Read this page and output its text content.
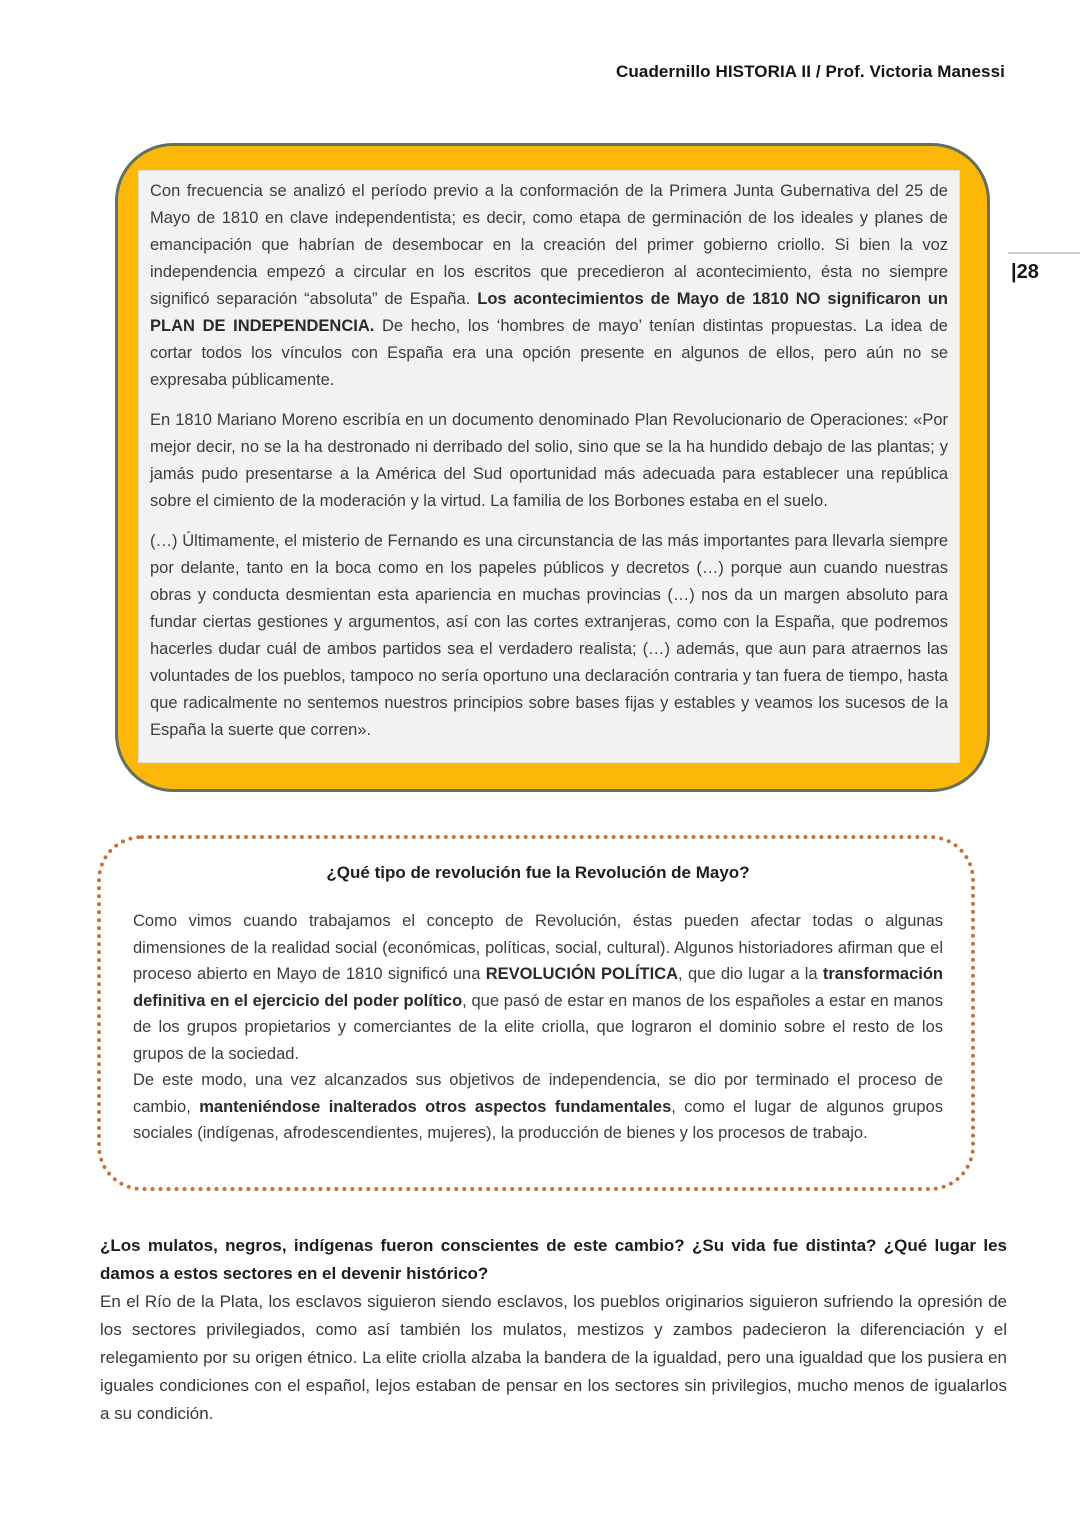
Cuadernillo HISTORIA II / Prof. Victoria Manessi
|28

Con frecuencia se analizó el período previo a la conformación de la Primera Junta Gubernativa del 25 de Mayo de 1810 en clave independentista; es decir, como etapa de germinación de los ideales y planes de emancipación que habrían de desembocar en la creación del primer gobierno criollo. Si bien la voz independencia empezó a circular en los escritos que precedieron al acontecimiento, ésta no siempre significó separación “absoluta” de España. Los acontecimientos de Mayo de 1810 NO significaron un PLAN DE INDEPENDENCIA. De hecho, los ‘hombres de mayo’ tenían distintas propuestas. La idea de cortar todos los vínculos con España era una opción presente en algunos de ellos, pero aún no se expresaba públicamente.

En 1810 Mariano Moreno escribía en un documento denominado Plan Revolucionario de Operaciones: «Por mejor decir, no se la ha destronado ni derribado del solio, sino que se la ha hundido debajo de las plantas; y jamás pudo presentarse a la América del Sud oportunidad más adecuada para establecer una república sobre el cimiento de la moderación y la virtud. La familia de los Borbones estaba en el suelo.

(…) Últimamente, el misterio de Fernando es una circunstancia de las más importantes para llevarla siempre por delante, tanto en la boca como en los papeles públicos y decretos (…) porque aun cuando nuestras obras y conducta desmientan esta apariencia en muchas provincias (…) nos da un margen absoluto para fundar ciertas gestiones y argumentos, así con las cortes extranjeras, como con la España, que podremos hacerles dudar cuál de ambos partidos sea el verdadero realista; (…) además, que aun para atraernos las voluntades de los pueblos, tampoco no sería oportuno una declaración contraria y tan fuera de tiempo, hasta que radicalmente no sentemos nuestros principios sobre bases fijas y estables y veamos los sucesos de la España la suerte que corren».

¿Qué tipo de revolución fue la Revolución de Mayo?

Como vimos cuando trabajamos el concepto de Revolución, éstas pueden afectar todas o algunas dimensiones de la realidad social (económicas, políticas, social, cultural). Algunos historiadores afirman que el proceso abierto en Mayo de 1810 significó una REVOLUCIÓN POLÍTICA, que dio lugar a la transformación definitiva en el ejercicio del poder político, que pasó de estar en manos de los españoles a estar en manos de los grupos propietarios y comerciantes de la elite criolla, que lograron el dominio sobre el resto de los grupos de la sociedad.

De este modo, una vez alcanzados sus objetivos de independencia, se dio por terminado el proceso de cambio, manteniéndose inalterados otros aspectos fundamentales, como el lugar de algunos grupos sociales (indígenas, afrodescendientes, mujeres), la producción de bienes y los procesos de trabajo.

¿Los mulatos, negros, indígenas fueron conscientes de este cambio? ¿Su vida fue distinta? ¿Qué lugar les damos a estos sectores en el devenir histórico?

En el Río de la Plata, los esclavos siguieron siendo esclavos, los pueblos originarios siguieron sufriendo la opresión de los sectores privilegiados, como así también los mulatos, mestizos y zambos padecieron la diferenciación y el relegamiento por su origen étnico. La elite criolla alzaba la bandera de la igualdad, pero una igualdad que los pusiera en iguales condiciones con el español, lejos estaban de pensar en los sectores sin privilegios, mucho menos de igualarlos a su condición.
